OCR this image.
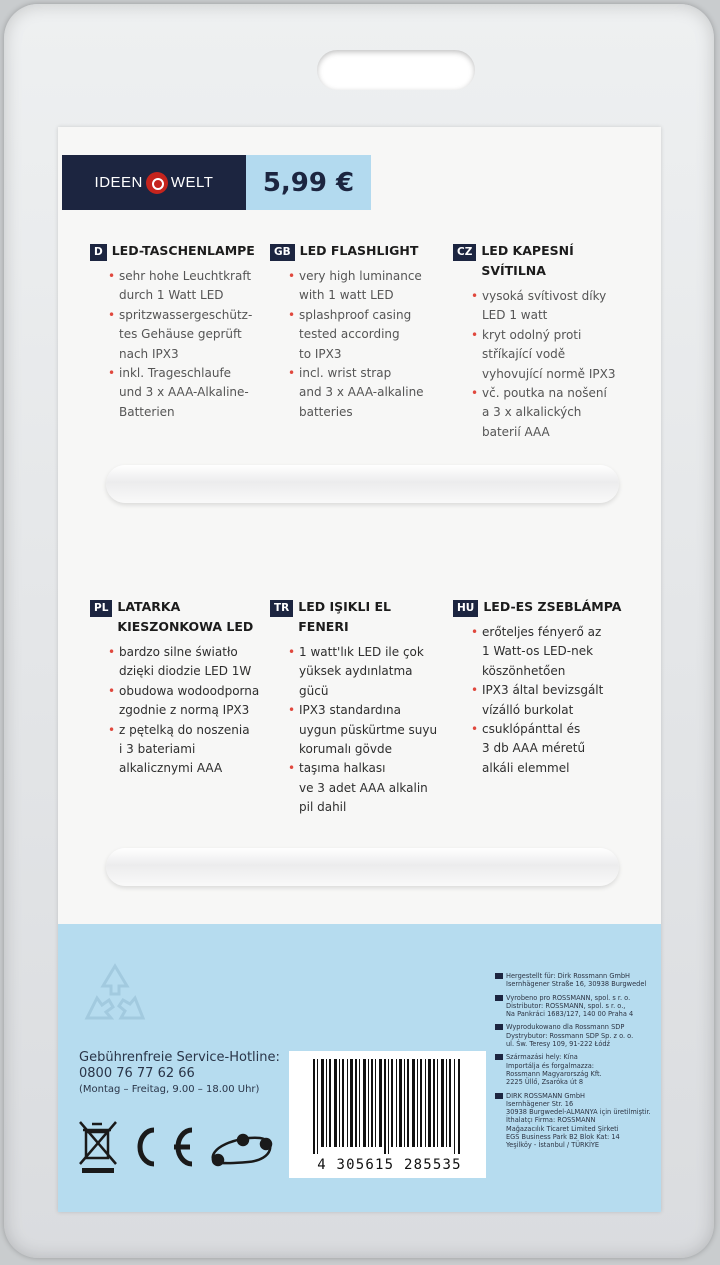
IDEEN WELT 5,99 €
D LED-TASCHENLAMPE
• sehr hohe Leuchtkraft
durch 1 Watt LED
• spritzwassergeschütz-
tes Gehäuse geprüft
nach IPX3
• inkl. Trageschlaufe
und 3 x AAA-Alkaline-
Batterien
GB LED FLASHLIGHT
• very high luminance
with 1 watt LED
• splashproof casing
tested according
to IPX3
• incl. wrist strap
and 3 x AAA-alkaline
batteries
CZ LED KAPESNÍ SVÍTILNA
• vysoká svítivost díky
LED 1 watt
• kryt odolný proti
stříkající vodě
vyhovující normě IPX3
• vč. poutka na nošení
a 3 x alkalických
baterií AAA
PL LATARKA
KIESZONKOWA LED
• bardzo silne światło
dzięki diodzie LED 1W
• obudowa wodoodporna
zgodnie z normą IPX3
• z pętelką do noszenia
i 3 bateriami
alkalicznymi AAA
TR LED IŞIKLI EL FENERI
• 1 watt'lık LED ile çok
yüksek aydınlatma gücü
• IPX3 standardına
uygun püskürtme suyu
korumalı gövde
• taşıma halkası
ve 3 adet AAA alkalin
pil dahil
HU LED-ES ZSEBLÁMPA
• erőteljes fényerő az
1 Watt-os LED-nek
köszönhetően
• IPX3 által bevizsgált
vízálló burkolat
• csuklópánttal és
3 db AAA méretű
alkáli elemmel
Gebührenfreie Service-Hotline:
0800 76 77 62 66
(Montag – Freitag, 9.00 – 18.00 Uhr)
4 305615 285535
Hergestellt für: Dirk Rossmann GmbH
Isernhägener Straße 16, 30938 Burgwedel
Vyrobeno pro ROSSMANN, spol. s r. o.
Distributor: ROSSMANN, spol. s r. o.,
Na Pankráci 1683/127, 140 00 Praha 4
Wyprodukowano dla Rossmann SDP
Dystrybutor: Rossmann SDP Sp. z o. o.
ul. Św. Teresy 109, 91-222 Łódź
Származási hely: Kína
Importálja és forgalmazza:
Rossmann Magyarország Kft.
2225 Üllő, Zsaróka út 8
DIRK ROSSMANN GmbH
Isernhägener Str. 16
30938 Burgwedel-ALMANYA için üretilmiştir.
İthalatçı Firma: ROSSMANN
Mağazacılık Ticaret Limited Şirketi
EGS Business Park B2 Blok Kat: 14
Yeşilköy - İstanbul / TÜRKİYE
